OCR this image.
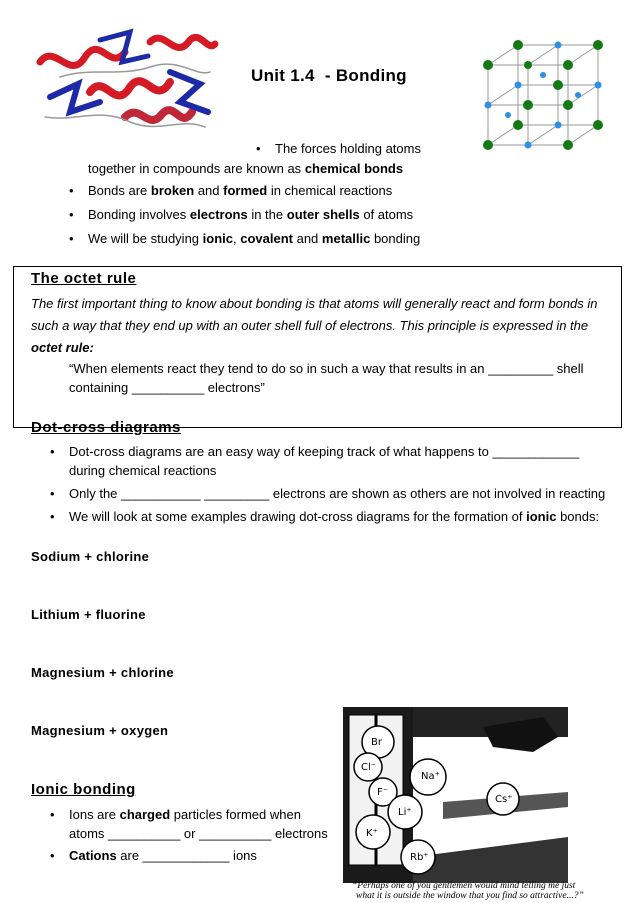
Unit 1.4  - Bonding
• The forces holding atoms
together in compounds are known as chemical bonds
• Bonds are broken and formed in chemical reactions
• Bonding involves electrons in the outer shells of atoms
• We will be studying ionic, covalent and metallic bonding
The octet rule
The first important thing to know about bonding is that atoms will generally react and form bonds in
such a way that they end up with an outer shell full of electrons. This principle is expressed in the
octet rule:
“When elements react they tend to do so in such a way that results in an _________ shell
containing __________ electrons”
Dot-cross diagrams
• Dot-cross diagrams are an easy way of keeping track of what happens to ____________
during chemical reactions
• Only the ___________ _________ electrons are shown as others are not involved in reacting
• We will look at some examples drawing dot-cross diagrams for the formation of ionic bonds:
Sodium + chlorine
Lithium + fluorine
Magnesium + chlorine
Magnesium + oxygen
Ionic bonding
• Ions are charged particles formed when
atoms __________ or __________ electrons
• Cations are ____________ ions
Br
Cl⁻
Na⁺
F⁻
Li⁺
Cs⁺
K⁺
Rb⁺
“Perhaps one of you gentlemen would mind telling me just
what it is outside the window that you find so attractive...?”
